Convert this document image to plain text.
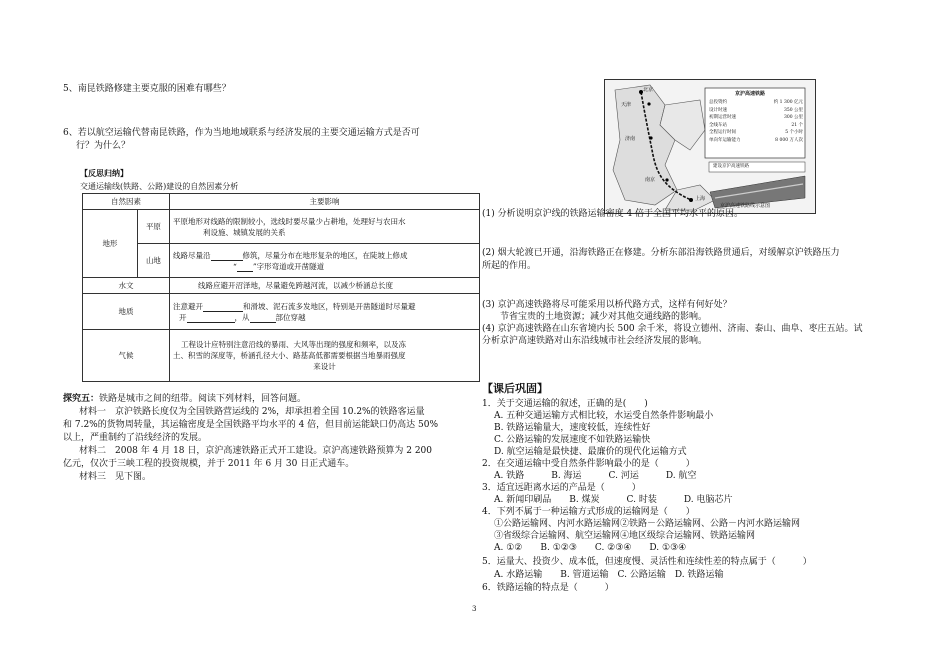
5、南昆铁路修建主要克服的困难有哪些？
6、若以航空运输代替南昆铁路，作为当地地域联系与经济发展的主要交通运输方式是否可
行？为什么？
【反思归纳】
交通运输线(铁路、公路)建设的自然因素分析
自然因素		主要影响
地形	平原	平原地形对线路的限制较小，选线时要尽量少占耕地，处理好与农田水
利设施、城镇发展的关系

	山地	线路尽量沿 修筑，尽量分布在地形复杂的地区，在陡坡上修成
“ ”字形弯道或开凿隧道

水文		线路应避开沼泽地，尽量避免跨越河流，以减少桥涵总长度
地质		注意避开 和滑坡、泥石流多发地区，特别是开凿隧道时尽量避
开 ，从 部位穿越

气候		工程设计应特别注意沿线的暴雨、大风等出现的强度和频率，以及冻
土、积雪的深度等，桥涵孔径大小、路基高低都需要根据当地暴雨强度
来设计
探究五：铁路是城市之间的纽带。阅读下列材料，回答问题。
材料一　京沪铁路长度仅为全国铁路营运线的 2%，却承担着全国 10.2%的铁路客运量
和 7.2%的货物周转量，其运输密度是全国铁路平均水平的 4 倍，但目前运能缺口仍高达 50%
以上，严重制约了沿线经济的发展。
材料二　2008 年 4 月 18 日，京沪高速铁路正式开工建设。京沪高速铁路预算为 2 200
亿元，仅次于三峡工程的投资规模，并于 2011 年 6 月 30 日正式通车。
材料三　见下图。
北京
天津
济南
南京
上海
京沪高速铁路
总投资约	约 1 300 亿元
设计时速	350 公里
初期运营时速	300 公里
全线车站	21 个
全程运行时间	5 个小时
单向年运输能力	8 000 万人次
建设京沪高速铁路
京沪高速铁路线示意图
(1) 分析说明京沪线的铁路运输密度 4 倍于全国平均水平的原因。
(2) 烟大轮渡已开通，沿海铁路正在修建。分析东部沿海铁路贯通后，对缓解京沪铁路压力
所起的作用。
(3) 京沪高速铁路将尽可能采用以桥代路方式，这样有何好处？
节省宝贵的土地资源；减少对其他交通线路的影响。
(4) 京沪高速铁路在山东省境内长 500 余千米，将设立德州、济南、泰山、曲阜、枣庄五站。试
分析京沪高速铁路对山东沿线城市社会经济发展的影响。
【课后巩固】
1．关于交通运输的叙述，正确的是(　　)
A. 五种交通运输方式相比较，水运受自然条件影响最小
B. 铁路运输量大，速度较低，连续性好
C. 公路运输的发展速度不如铁路运输快
D. 航空运输是最快捷、最廉价的现代化运输方式
2．在交通运输中受自然条件影响最小的是（　　　）
A. 铁路　　　B. 海运　　　C. 河运　　　D. 航空
3．适宜远距离水运的产品是（　　　）
A. 新闻印刷品　　B. 煤炭　　　C. 时装　　　D. 电脑芯片
4．下列不属于一种运输方式形成的运输网是（　　）
①公路运输网、内河水路运输网②铁路－公路运输网、公路－内河水路运输网
③省级综合运输网、航空运输网④地区级综合运输网、铁路运输网
A. ①②　　B. ①②③　　C. ②③④　　D. ①③④
5．运量大、投资少、成本低，但速度慢、灵活性和连续性差的特点属于（　　　）
A. 水路运输　　B. 管道运输　C. 公路运输　D. 铁路运输
6．铁路运输的特点是（　　　）
3
